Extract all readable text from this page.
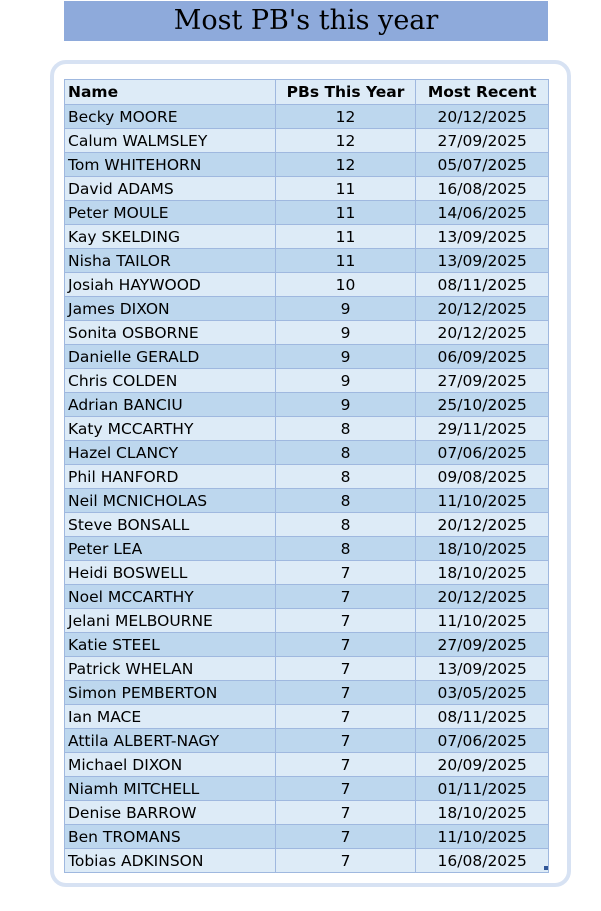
Most PB's this year
Name	PBs This Year	Most Recent
Becky MOORE	12	20/12/2025
Calum WALMSLEY	12	27/09/2025
Tom WHITEHORN	12	05/07/2025
David ADAMS	11	16/08/2025
Peter MOULE	11	14/06/2025
Kay SKELDING	11	13/09/2025
Nisha TAILOR	11	13/09/2025
Josiah HAYWOOD	10	08/11/2025
James DIXON	9	20/12/2025
Sonita OSBORNE	9	20/12/2025
Danielle GERALD	9	06/09/2025
Chris COLDEN	9	27/09/2025
Adrian BANCIU	9	25/10/2025
Katy MCCARTHY	8	29/11/2025
Hazel CLANCY	8	07/06/2025
Phil HANFORD	8	09/08/2025
Neil MCNICHOLAS	8	11/10/2025
Steve BONSALL	8	20/12/2025
Peter LEA	8	18/10/2025
Heidi BOSWELL	7	18/10/2025
Noel MCCARTHY	7	20/12/2025
Jelani MELBOURNE	7	11/10/2025
Katie STEEL	7	27/09/2025
Patrick WHELAN	7	13/09/2025
Simon PEMBERTON	7	03/05/2025
Ian MACE	7	08/11/2025
Attila ALBERT-NAGY	7	07/06/2025
Michael DIXON	7	20/09/2025
Niamh MITCHELL	7	01/11/2025
Denise BARROW	7	18/10/2025
Ben TROMANS	7	11/10/2025
Tobias ADKINSON	7	16/08/2025
